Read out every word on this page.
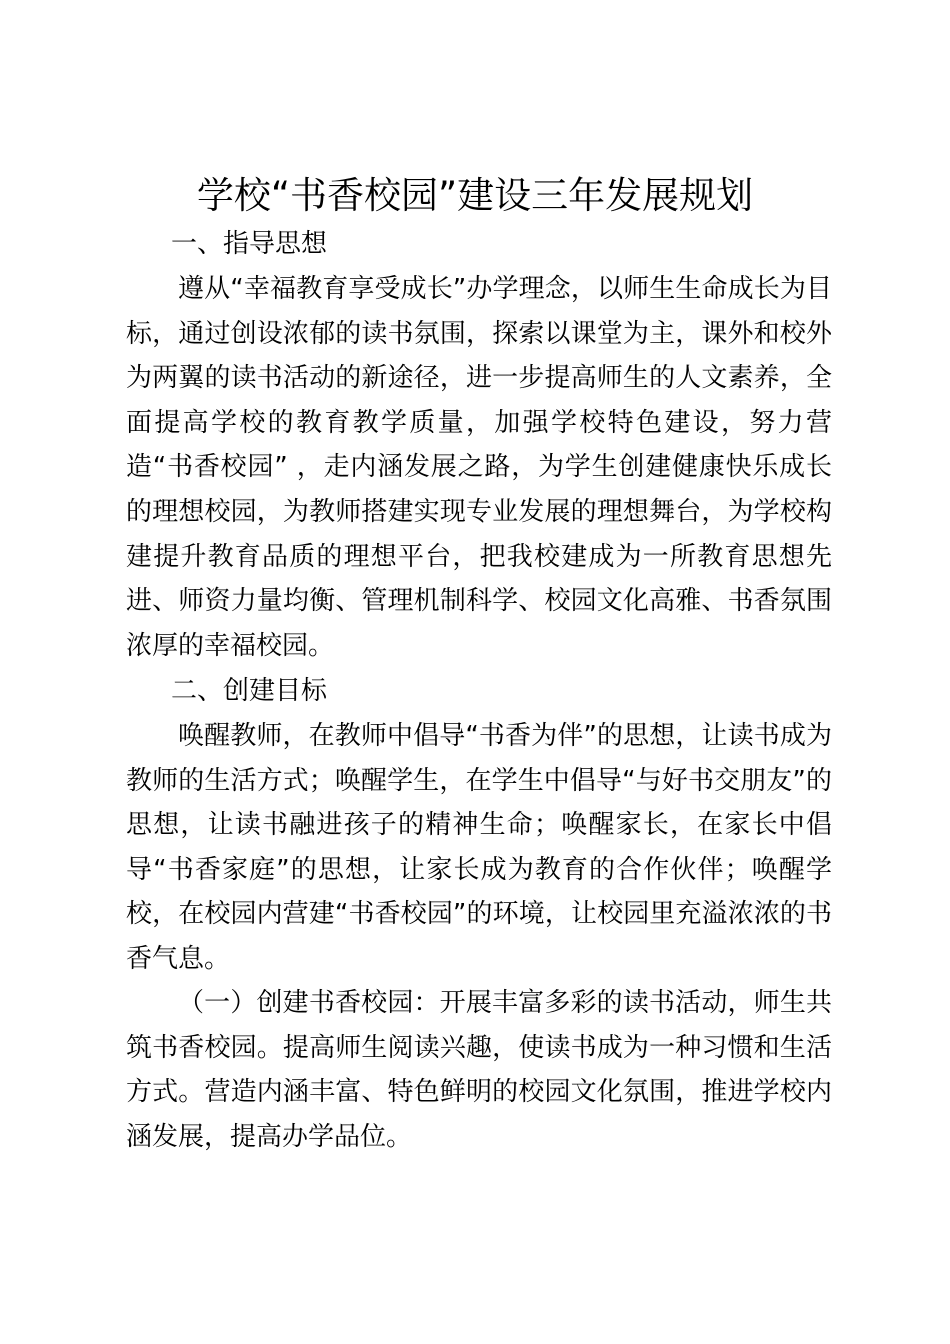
学校“书香校园”建设三年发展规划

一、指导思想

遵从“幸福教育享受成长”办学理念，以师生生命成长为目标，通过创设浓郁的读书氛围，探索以课堂为主，课外和校外为两翼的读书活动的新途径，进一步提高师生的人文素养，全面提高学校的教育教学质量，加强学校特色建设，努力营造“书香校园” ，走内涵发展之路，为学生创建健康快乐成长的理想校园，为教师搭建实现专业发展的理想舞台，为学校构建提升教育品质的理想平台，把我校建成为一所教育思想先进、师资力量均衡、管理机制科学、校园文化高雅、书香氛围浓厚的幸福校园。

二、创建目标

唤醒教师，在教师中倡导“书香为伴”的思想，让读书成为教师的生活方式；唤醒学生，在学生中倡导“与好书交朋友”的思想，让读书融进孩子的精神生命；唤醒家长，在家长中倡导“书香家庭”的思想，让家长成为教育的合作伙伴；唤醒学校，在校园内营建“书香校园”的环境，让校园里充溢浓浓的书香气息。

（一）创建书香校园：开展丰富多彩的读书活动，师生共筑书香校园。提高师生阅读兴趣，使读书成为一种习惯和生活方式。营造内涵丰富、特色鲜明的校园文化氛围，推进学校内涵发展，提高办学品位。
